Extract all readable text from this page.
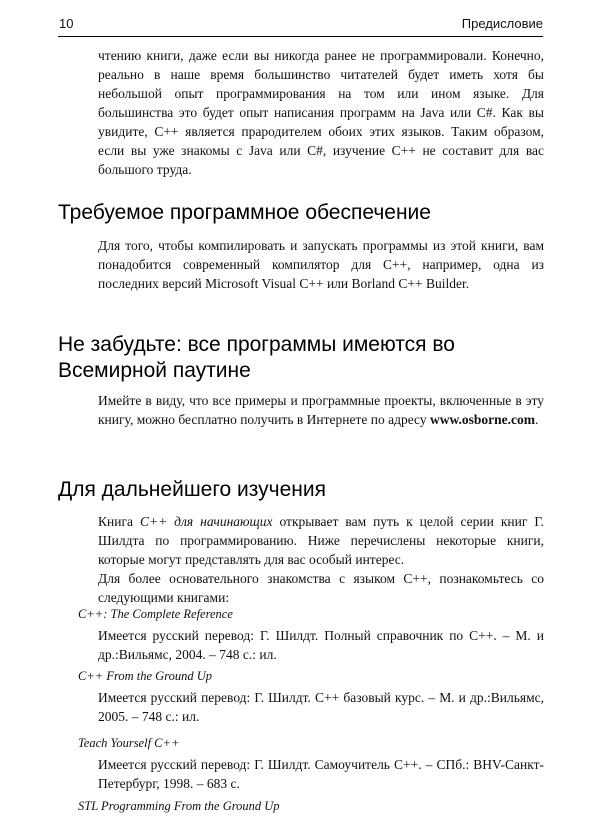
10	Предисловие

чтению книги, даже если вы никогда ранее не программировали. Конечно, реально в наше время большинство читателей будет иметь хотя бы небольшой опыт программирования на том или ином языке. Для большинства это будет опыт написания программ на Java или C#. Как вы увидите, C++ является прародителем обоих этих языков. Таким образом, если вы уже знакомы с Java или C#, изучение C++ не составит для вас большого труда.

Требуемое программное обеспечение

Для того, чтобы компилировать и запускать программы из этой книги, вам понадобится современный компилятор для C++, например, одна из последних версий Microsoft Visual C++ или Borland C++ Builder.

Не забудьте: все программы имеются во
Всемирной паутине

Имейте в виду, что все примеры и программные проекты, включенные в эту книгу, можно бесплатно получить в Интернете по адресу www.osborne.com.

Для дальнейшего изучения

Книга C++ для начинающих открывает вам путь к целой серии книг Г. Шилдта по программированию. Ниже перечислены некоторые книги, которые могут представлять для вас особый интерес.

Для более основательного знакомства с языком C++, познакомьтесь со следующими книгами:

C++: The Complete Reference
Имеется русский перевод: Г. Шилдт. Полный справочник по C++. – М. и др.:Вильямс, 2004. – 748 с.: ил.
C++ From the Ground Up
Имеется русский перевод: Г. Шилдт. C++ базовый курс. – М. и др.:Вильямс, 2005. – 748 с.: ил.
Teach Yourself C++
Имеется русский перевод: Г. Шилдт. Самоучитель C++. – СПб.: BHV-Санкт-Петербург, 1998. – 683 с.
STL Programming From the Ground Up
